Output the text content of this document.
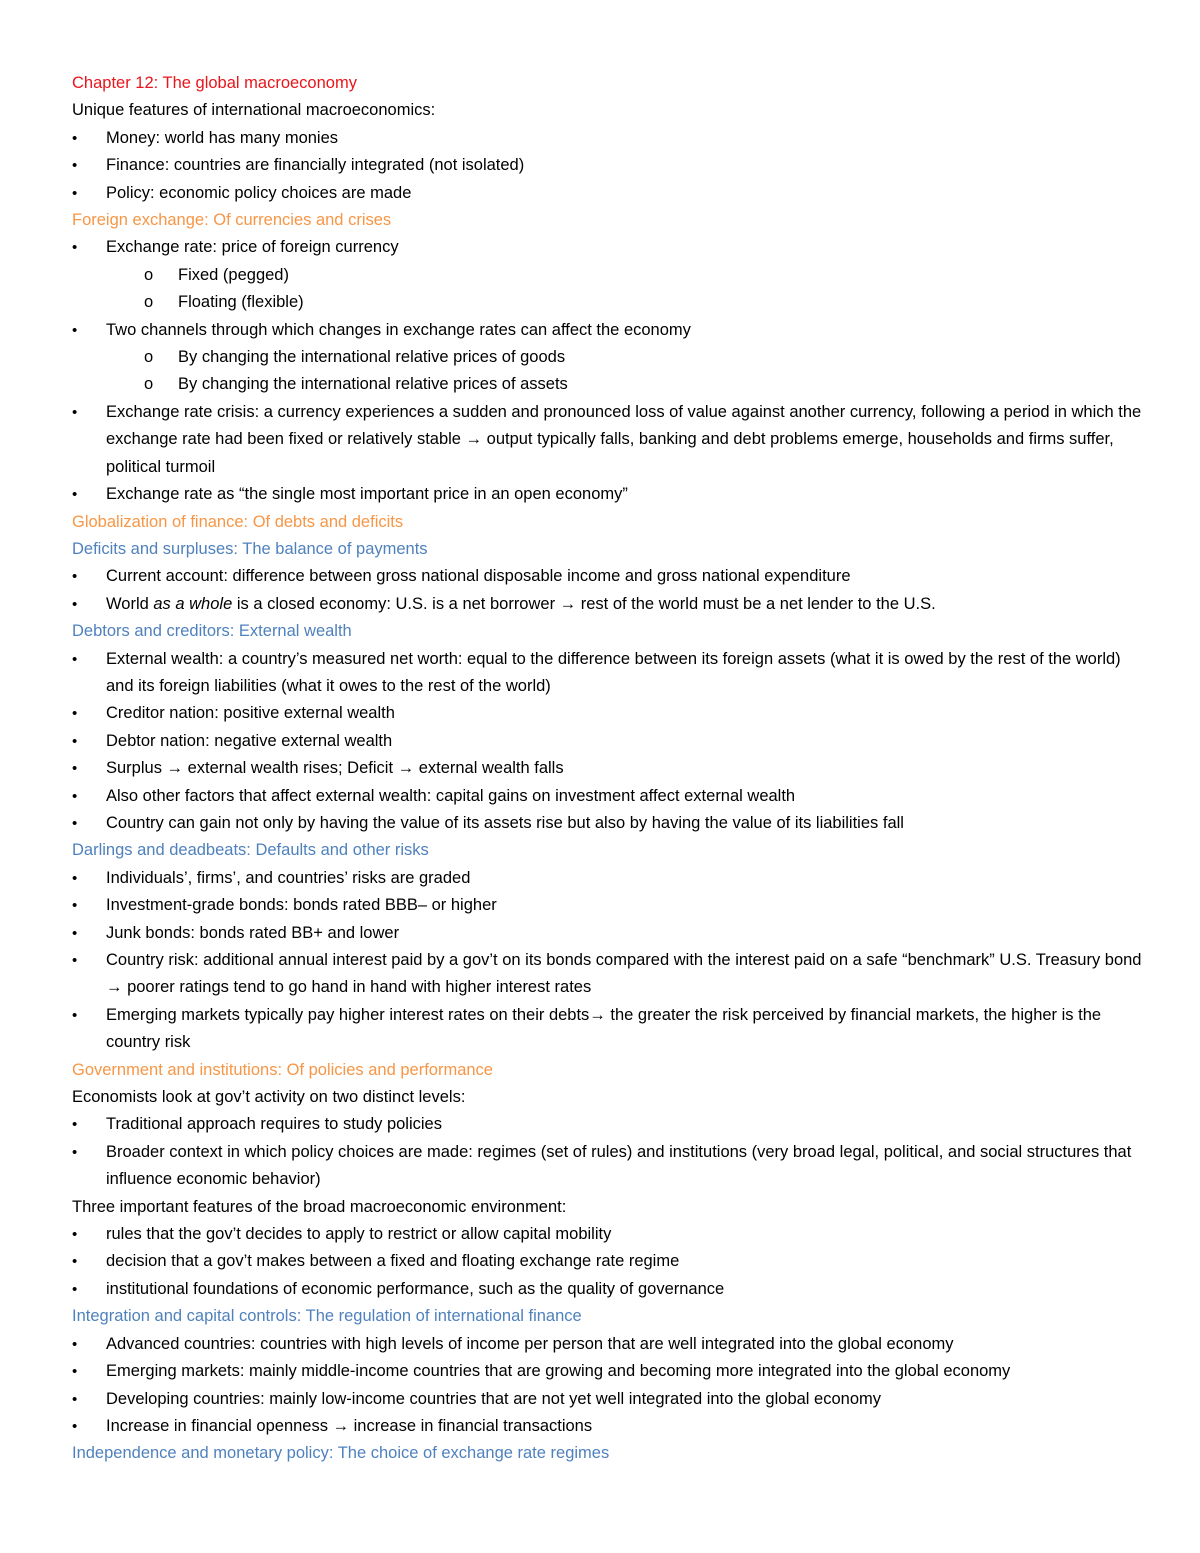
Chapter 12: The global macroeconomy
Unique features of international macroeconomics:
•	Money: world has many monies
•	Finance: countries are financially integrated (not isolated)
•	Policy: economic policy choices are made
Foreign exchange: Of currencies and crises
•	Exchange rate: price of foreign currency
o	Fixed (pegged)
o	Floating (flexible)
•	Two channels through which changes in exchange rates can affect the economy
o	By changing the international relative prices of goods
o	By changing the international relative prices of assets
•	Exchange rate crisis: a currency experiences a sudden and pronounced loss of value against another currency, following a period in which the exchange rate had been fixed or relatively stable → output typically falls, banking and debt problems emerge, households and firms suffer, political turmoil
•	Exchange rate as “the single most important price in an open economy”
Globalization of finance: Of debts and deficits
Deficits and surpluses: The balance of payments
•	Current account: difference between gross national disposable income and gross national expenditure
•	World as a whole is a closed economy: U.S. is a net borrower → rest of the world must be a net lender to the U.S.
Debtors and creditors: External wealth
•	External wealth: a country’s measured net worth: equal to the difference between its foreign assets (what it is owed by the rest of the world) and its foreign liabilities (what it owes to the rest of the world)
•	Creditor nation: positive external wealth
•	Debtor nation: negative external wealth
•	Surplus → external wealth rises; Deficit → external wealth falls
•	Also other factors that affect external wealth: capital gains on investment affect external wealth
•	Country can gain not only by having the value of its assets rise but also by having the value of its liabilities fall
Darlings and deadbeats: Defaults and other risks
•	Individuals’, firms’, and countries’ risks are graded
•	Investment-grade bonds: bonds rated BBB– or higher
•	Junk bonds: bonds rated BB+ and lower
•	Country risk: additional annual interest paid by a gov’t on its bonds compared with the interest paid on a safe “benchmark” U.S. Treasury bond → poorer ratings tend to go hand in hand with higher interest rates
•	Emerging markets typically pay higher interest rates on their debts→ the greater the risk perceived by financial markets, the higher is the country risk
Government and institutions: Of policies and performance
Economists look at gov’t activity on two distinct levels:
•	Traditional approach requires to study policies
•	Broader context in which policy choices are made: regimes (set of rules) and institutions (very broad legal, political, and social structures that influence economic behavior)
Three important features of the broad macroeconomic environment:
•	rules that the gov’t decides to apply to restrict or allow capital mobility
•	decision that a gov’t makes between a fixed and floating exchange rate regime
•	institutional foundations of economic performance, such as the quality of governance
Integration and capital controls: The regulation of international finance
•	Advanced countries: countries with high levels of income per person that are well integrated into the global economy
•	Emerging markets: mainly middle-income countries that are growing and becoming more integrated into the global economy
•	Developing countries: mainly low-income countries that are not yet well integrated into the global economy
•	Increase in financial openness → increase in financial transactions
Independence and monetary policy: The choice of exchange rate regimes
